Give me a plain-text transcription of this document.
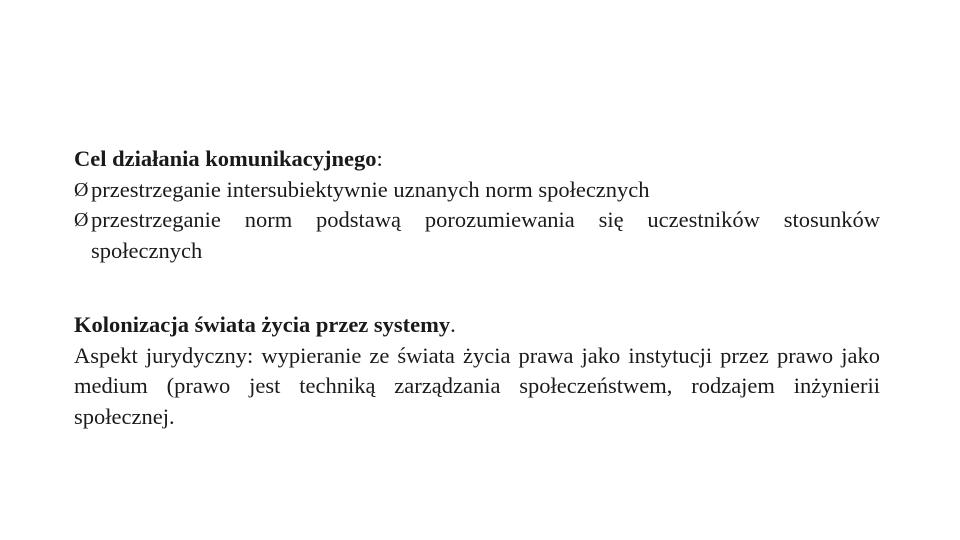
Cel działania komunikacyjnego:

Ø przestrzeganie intersubiektywnie uznanych norm społecznych

Ø przestrzeganie norm podstawą porozumiewania się uczestników stosunków społecznych

Kolonizacja świata życia przez systemy.

Aspekt jurydyczny: wypieranie ze świata życia prawa jako instytucji przez prawo jako medium (prawo jest techniką zarządzania społeczeństwem, rodzajem inżynierii społecznej.
